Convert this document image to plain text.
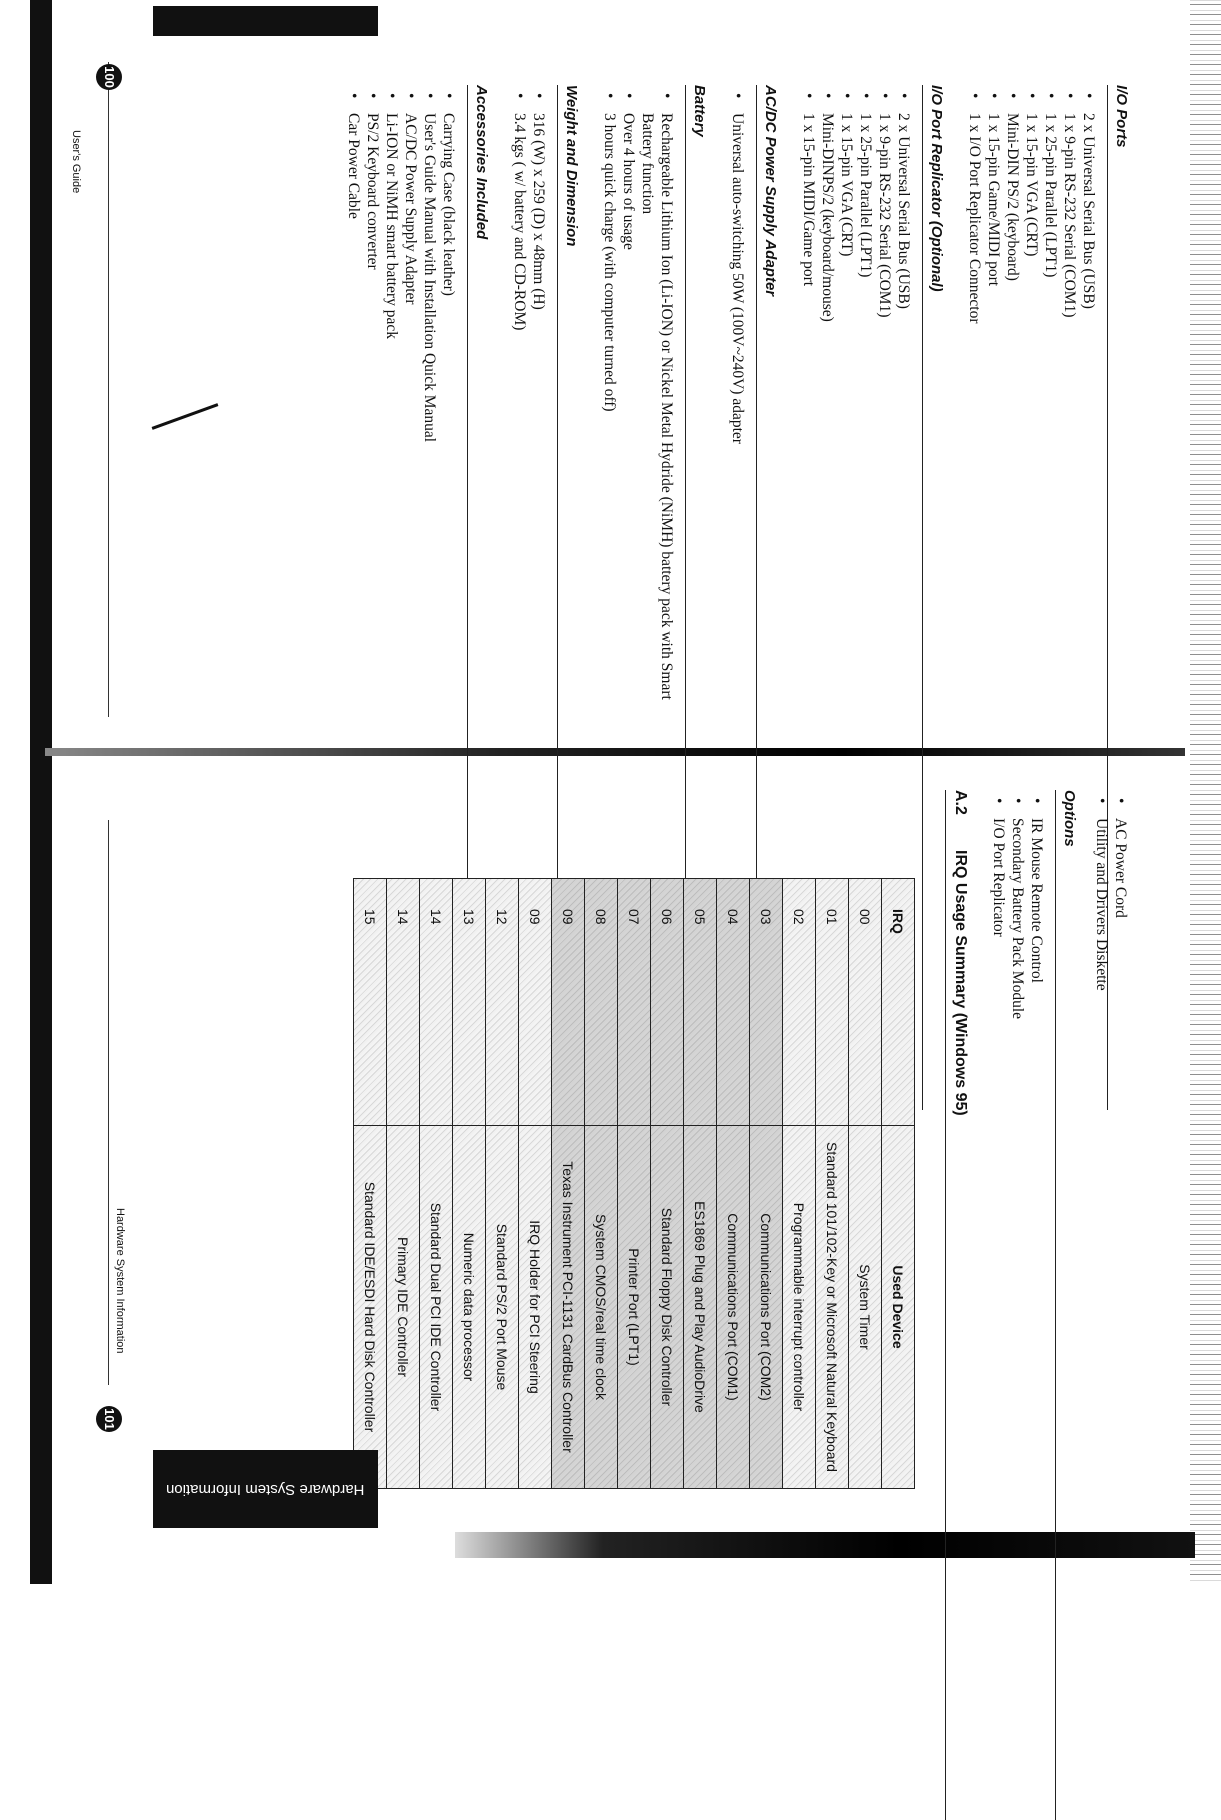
I/O Ports
• 2 x Universal Serial Bus (USB)
• 1 x 9-pin RS-232 Serial (COM1)
• 1 x 25-pin Parallel (LPT1)
• 1 x 15-pin VGA (CRT)
• Mini-DIN PS/2 (keyboard)
• 1 x 15-pin Game/MIDI port
• 1 x I/O Port Replicator Connector
I/O Port Replicator (Optional)
• 2 x Universal Serial Bus (USB)
• 1 x 9-pin RS-232 Serial (COM1)
• 1 x 25-pin Parallel (LPT1)
• 1 x 15-pin VGA (CRT)
• Mini-DINPS/2 (keyboard/mouse)
• 1 x 15-pin MIDI/Game port
AC/DC Power Supply Adapter
• Universal auto-switching 50W (100V~240V) adapter
Battery
• Rechargeable Lithium Ion (Li-ION) or Nickel Metal Hydride (NiMH) battery pack with Smart Battery function
• Over 4 hours of usage
• 3 hours quick charge (with computer turned off)
Weight and Dimension
• 316 (W) x 259 (D) x 48mm (H)
• 3.4 kgs ( w/ battery and CD-ROM)
Accessories Included
• Carrying Case (black leather)
• User's Guide Manual with Installation Quick Manual
• AC/DC Power Supply Adapter
• Li-ION or NiMH smart battery pack
• PS/2 Keyboard converter
• Car Power Cable
100
User's Guide
• AC Power Cord
• Utility and Drivers Diskette
Options
• IR Mouse Remote Control
• Secondary Battery Pack Module
• I/O Port Replicator
A.2
IRQ Usage Summary (Windows 95)
IRQ	Used Device
00	System Timer
01	Standard 101/102-Key or Microsoft Natural Keyboard
02	Programmable interrupt controller
03	Communications Port (COM2)
04	Communications Port (COM1)
05	ES1869 Plug and Play AudioDrive
06	Standard Floppy Disk Controller
07	Printer Port (LPT1)
08	System CMOS/real time clock
09	Texas Instrument PCI-1131 CardBus Controller
09	IRQ Holder for PCI Steering
12	Standard PS/2 Port Mouse
13	Numeric data processor
14	Standard Dual PCI IDE Controller
14	Primary IDE Controller
15	Standard IDE/ESDI Hard Disk Controller
Hardware System Information
101
Hardware System Information
